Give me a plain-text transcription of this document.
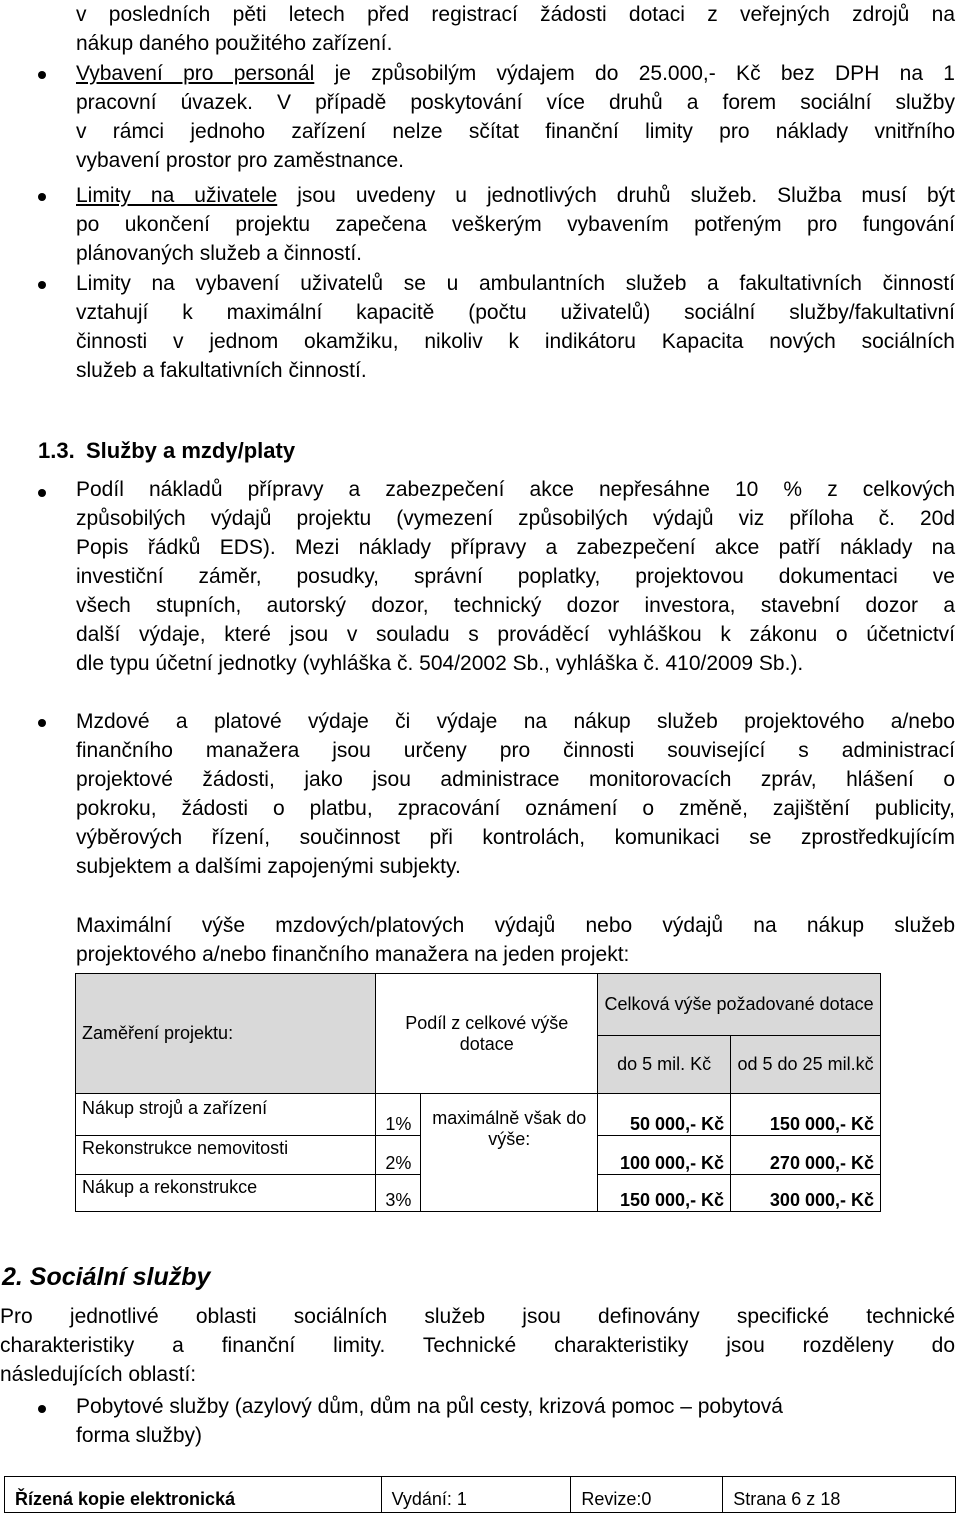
v posledních pěti letech před registrací žádosti dotaci z veřejných zdrojů na
nákup daného použitého zařízení.
Vybavení pro personál je způsobilým výdajem do 25.000,- Kč bez DPH na 1
pracovní úvazek. V případě poskytování více druhů a forem sociální služby
v rámci jednoho zařízení nelze sčítat finanční limity pro náklady vnitřního
vybavení prostor pro zaměstnance.
Limity na uživatele jsou uvedeny u jednotlivých druhů služeb. Služba musí být
po ukončení projektu zapečena veškerým vybavením potřeným pro fungování
plánovaných služeb a činností.
Limity na vybavení uživatelů se u ambulantních služeb a fakultativních činností
vztahují k maximální kapacitě (počtu uživatelů) sociální služby/fakultativní
činnosti v jednom okamžiku, nikoliv k indikátoru Kapacita nových sociálních
služeb a fakultativních činností.
1.3. Služby a mzdy/platy
Podíl nákladů přípravy a zabezpečení akce nepřesáhne 10 % z celkových
způsobilých výdajů projektu (vymezení způsobilých výdajů viz příloha č. 20d
Popis řádků EDS). Mezi náklady přípravy a zabezpečení akce patří náklady na
investiční záměr, posudky, správní poplatky, projektovou dokumentaci ve
všech stupních, autorský dozor, technický dozor investora, stavební dozor a
další výdaje, které jsou v souladu s prováděcí vyhláškou k zákonu o účetnictví
dle typu účetní jednotky (vyhláška č. 504/2002 Sb., vyhláška č. 410/2009 Sb.).
Mzdové a platové výdaje či výdaje na nákup služeb projektového a/nebo
finančního manažera jsou určeny pro činnosti související s administrací
projektové žádosti, jako jsou administrace monitorovacích zpráv, hlášení o
pokroku, žádosti o platbu, zpracování oznámení o změně, zajištění publicity,
výběrových řízení, součinnost při kontrolách, komunikaci se zprostředkujícím
subjektem a dalšími zapojenými subjekty.
Maximální výše mzdových/platových výdajů nebo výdajů na nákup služeb
projektového a/nebo finančního manažera na jeden projekt:
Zaměření projektu:	Podíl z celkové výše dotace		Celková výše požadované dotace	
			do 5 mil. Kč	od 5 do 25 mil.kč
Nákup strojů a zařízení	1%	maximálně však do výše:	50 000,- Kč	150 000,- Kč
Rekonstrukce nemovitosti	2%		100 000,- Kč	270 000,- Kč
Nákup a rekonstrukce	3%		150 000,- Kč	300 000,- Kč
2. Sociální služby
Pro jednotlivé oblasti sociálních služeb jsou definovány specifické technické
charakteristiky a finanční limity. Technické charakteristiky jsou rozděleny do
následujících oblastí:
Pobytové služby (azylový dům, dům na půl cesty, krizová pomoc – pobytová
forma služby)
Řízená kopie elektronická	Vydání: 1	Revize:0	Strana 6 z 18
